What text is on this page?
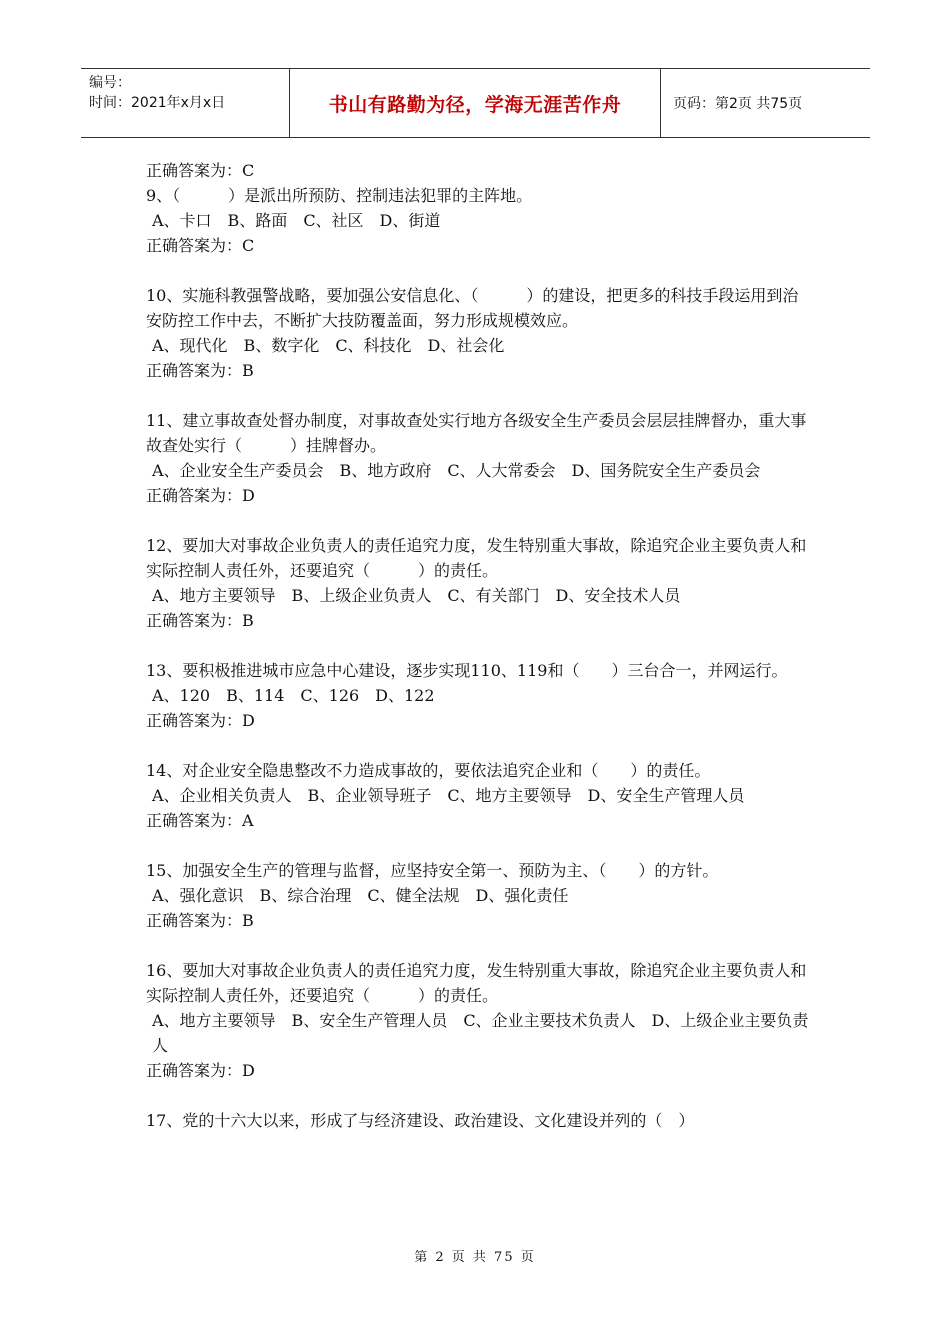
编号：
时间：2021年x月x日	书山有路勤为径，学海无涯苦作舟	页码：第2页 共75页

正确答案为：C

9、（　　　）是派出所预防、控制违法犯罪的主阵地。

A、卡口　B、路面　C、社区　D、街道

正确答案为：C

10、实施科教强警战略，要加强公安信息化、（　　　）的建设，把更多的科技手段运用到治安防控工作中去，不断扩大技防覆盖面，努力形成规模效应。

A、现代化　B、数字化　C、科技化　D、社会化

正确答案为：B

11、建立事故查处督办制度，对事故查处实行地方各级安全生产委员会层层挂牌督办，重大事故查处实行（　　　）挂牌督办。

A、企业安全生产委员会　B、地方政府　C、人大常委会　D、国务院安全生产委员会

正确答案为：D

12、要加大对事故企业负责人的责任追究力度，发生特别重大事故，除追究企业主要负责人和实际控制人责任外，还要追究（　　　）的责任。

A、地方主要领导　B、上级企业负责人　C、有关部门　D、安全技术人员

正确答案为：B

13、要积极推进城市应急中心建设，逐步实现110、119和（　　）三台合一，并网运行。

A、120　B、114　C、126　D、122

正确答案为：D

14、对企业安全隐患整改不力造成事故的，要依法追究企业和（　　）的责任。

A、企业相关负责人　B、企业领导班子　C、地方主要领导　D、安全生产管理人员

正确答案为：A

15、加强安全生产的管理与监督，应坚持安全第一、预防为主、（　　）的方针。

A、强化意识　B、综合治理　C、健全法规　D、强化责任

正确答案为：B

16、要加大对事故企业负责人的责任追究力度，发生特别重大事故，除追究企业主要负责人和实际控制人责任外，还要追究（　　　）的责任。

A、地方主要领导　B、安全生产管理人员　C、企业主要技术负责人　D、上级企业主要负责人

正确答案为：D

17、党的十六大以来，形成了与经济建设、政治建设、文化建设并列的（　）

第 2 页 共 75 页
